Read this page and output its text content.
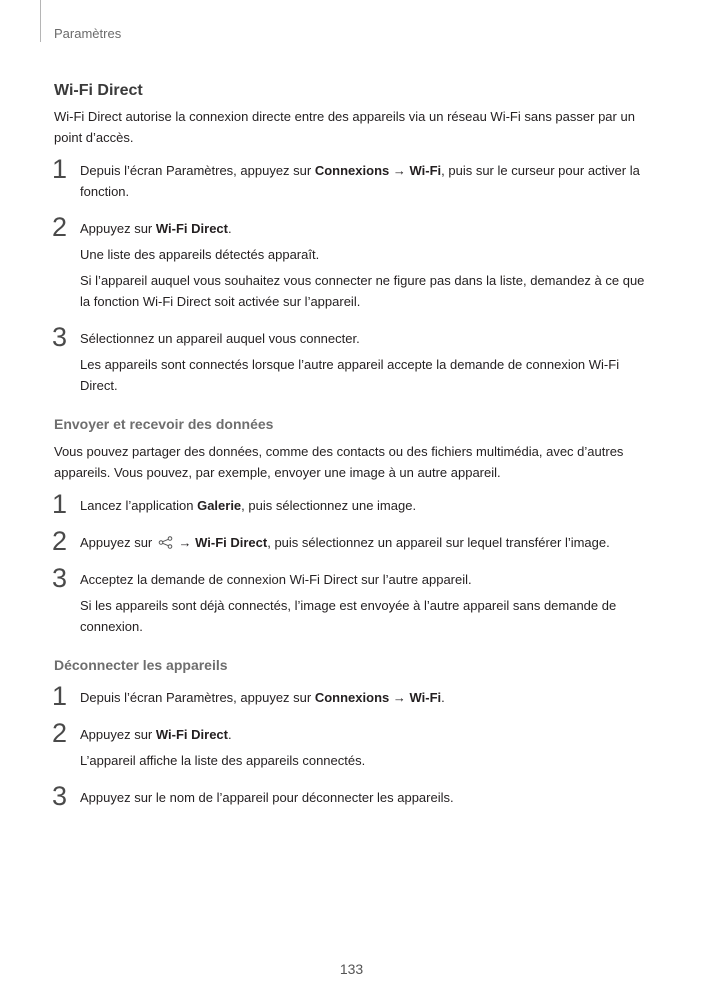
Paramètres
Wi-Fi Direct

Wi-Fi Direct autorise la connexion directe entre des appareils via un réseau Wi-Fi sans passer par un point d’accès.

1 Depuis l’écran Paramètres, appuyez sur Connexions → Wi-Fi, puis sur le curseur pour activer la fonction.

2 Appuyez sur Wi-Fi Direct.

Une liste des appareils détectés apparaît.

Si l’appareil auquel vous souhaitez vous connecter ne figure pas dans la liste, demandez à ce que la fonction Wi-Fi Direct soit activée sur l’appareil.

3 Sélectionnez un appareil auquel vous connecter.

Les appareils sont connectés lorsque l’autre appareil accepte la demande de connexion Wi-Fi Direct.

Envoyer et recevoir des données

Vous pouvez partager des données, comme des contacts ou des fichiers multimédia, avec d’autres appareils. Vous pouvez, par exemple, envoyer une image à un autre appareil.

1 Lancez l’application Galerie, puis sélectionnez une image.

2 Appuyez sur  → Wi-Fi Direct, puis sélectionnez un appareil sur lequel transférer l’image.

3 Acceptez la demande de connexion Wi-Fi Direct sur l’autre appareil.

Si les appareils sont déjà connectés, l’image est envoyée à l’autre appareil sans demande de connexion.

Déconnecter les appareils
1 Depuis l’écran Paramètres, appuyez sur Connexions → Wi-Fi.

2 Appuyez sur Wi-Fi Direct.

L’appareil affiche la liste des appareils connectés.

3 Appuyez sur le nom de l’appareil pour déconnecter les appareils.

133
